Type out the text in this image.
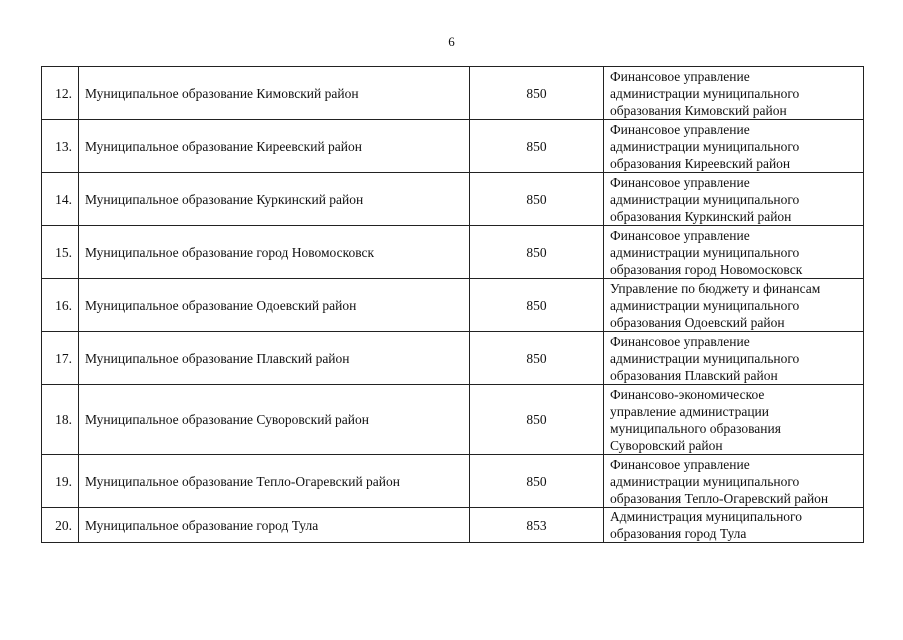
6
12.	Муниципальное образование Кимовский район	850	Финансовое управление
администрации муниципального
образования Кимовский район
13.	Муниципальное образование Киреевский район	850	Финансовое управление
администрации муниципального
образования Киреевский район
14.	Муниципальное образование Куркинский район	850	Финансовое управление
администрации муниципального
образования Куркинский район
15.	Муниципальное образование город Новомосковск	850	Финансовое управление
администрации муниципального
образования город Новомосковск
16.	Муниципальное образование Одоевский район	850	Управление по бюджету и финансам
администрации муниципального
образования Одоевский район
17.	Муниципальное образование Плавский район	850	Финансовое управление
администрации муниципального
образования Плавский район
18.	Муниципальное образование Суворовский район	850	Финансово-экономическое
управление администрации
муниципального образования
Суворовский район
19.	Муниципальное образование Тепло-Огаревский район	850	Финансовое управление
администрации муниципального
образования Тепло-Огаревский район
20.	Муниципальное образование город Тула	853	Администрация муниципального
образования город Тула
